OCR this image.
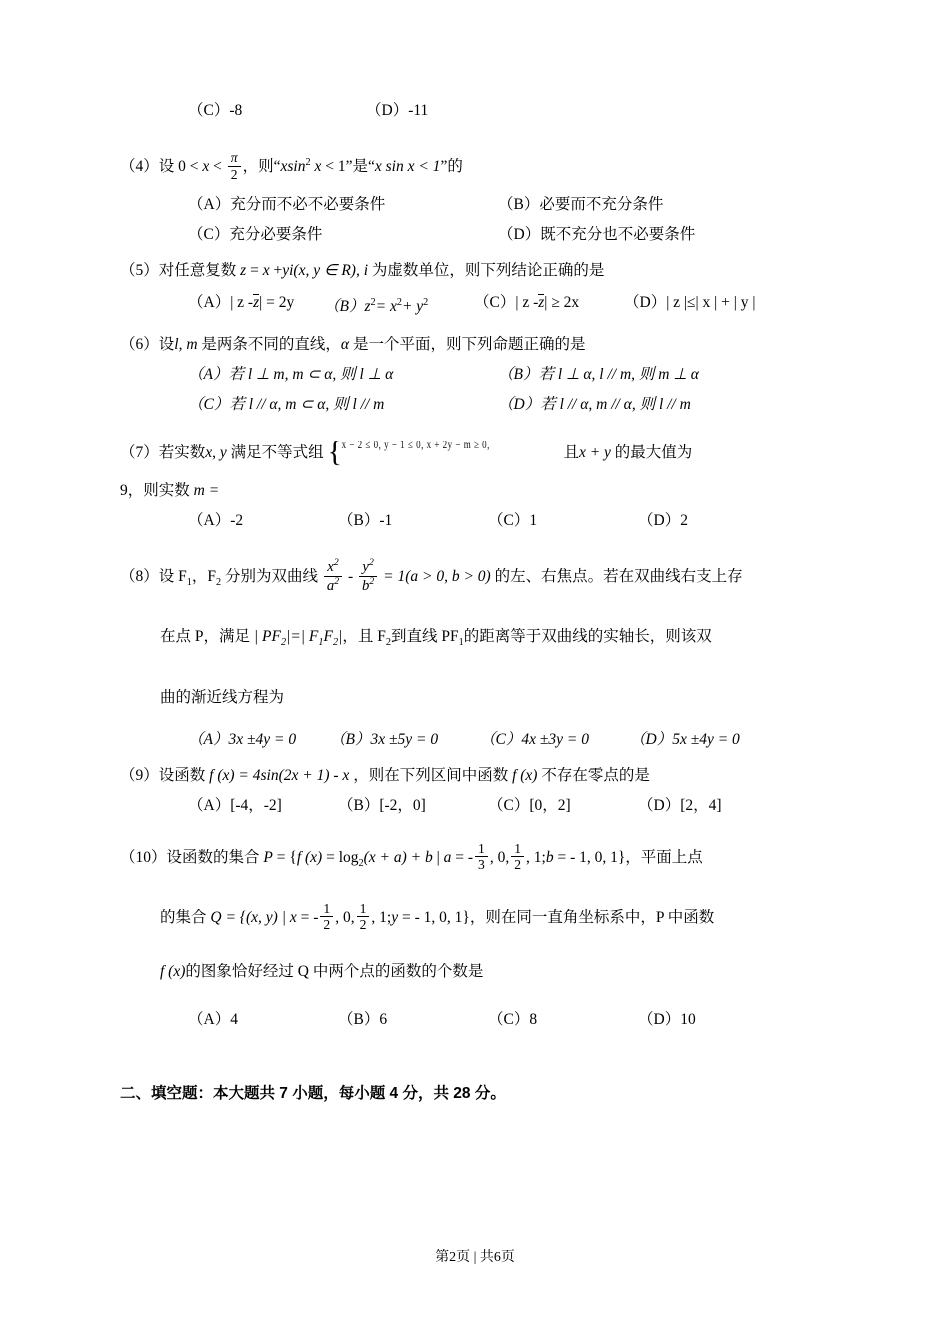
（C）-8	（D）-11
（4）设 $0 < x < \frac{\pi}{2}$ ，则“xsin$^2$ x < 1”是“x sin x < 1”的
（A）充分而不必不必要条件	（B）必要而不充分条件
（C）充分必要条件	（D）既不充分也不必要条件
（5）对任意复数 z = x +yi(x, y ∈ R), i 为虚数单位，则下列结论正确的是
（A）| z -z| = 2y	$(B)z^2= x^2+ y^2$	（C）| z -z| ≥ 2x	（D）| z |≤| x | + | y |
（6）设l, m 是两条不同的直线，α 是一个平面，则下列命题正确的是
（A）若 l ⊥ m, m ⊂ α, 则 l ⊥ α	（B）若 l ⊥ α, l // m, 则 m ⊥ α
（C）若 l // α, m ⊂ α, 则 l // m	（D）若 l // α, m // α, 则 l // m
（7）若实数x, y 满足不等式组 { x − 2 ≤ 0, y − 1 ≤ 0, x + 2y − m ≥ 0,
且x + y 的最大值为
9，则实数 m =
（A）-2	（B）-1	（C）1	（D）2
（8）设 $F_1$，$F_2$ 分别为双曲线 $\frac{x^2}{a^2} - \frac{y^2}{b^2} = 1(a > 0$, b > 0) 的左、右焦点。若在双曲线右支上存
在点 P，满足 | $PF_2|=|$ $F_1F_2|$，且 $F_2$到直线 $PF_1$的距离等于双曲线的实轴长，则该双
曲的渐近线方程为
（A）3x ±4y = 0	（B）3x ±5y = 0	（C）4x ±3y = 0	（D）5x ±4y = 0
（9）设函数 f (x) = 4sin(2x + 1) - x ，则在下列区间中函数 f (x) 不存在零点的是
（A）[-4，-2]	（B）[-2，0]	（C）[0，2]	（D）[2，4]
（10）设函数的集合 P = {f $(x) = \log_2(x + a) + b$ | a = - $\frac{1}{3}$ , 0, $\frac{1}{2}$ , 1;b = - 1, 0, 1}，平面上点
的集合 Q = {(x, y) | x = - $\frac{1}{2}$ , 0, $\frac{1}{2}$ , 1;y = - 1, 0, 1}，则在同一直角坐标系中，P 中函数
f (x)的图象恰好经过 Q 中两个点的函数的个数是
（A）4	（B）6	（C）8	（D）10
二、填空题：本大题共 7 小题，每小题 4 分，共 28 分。
第2页 | 共6页
